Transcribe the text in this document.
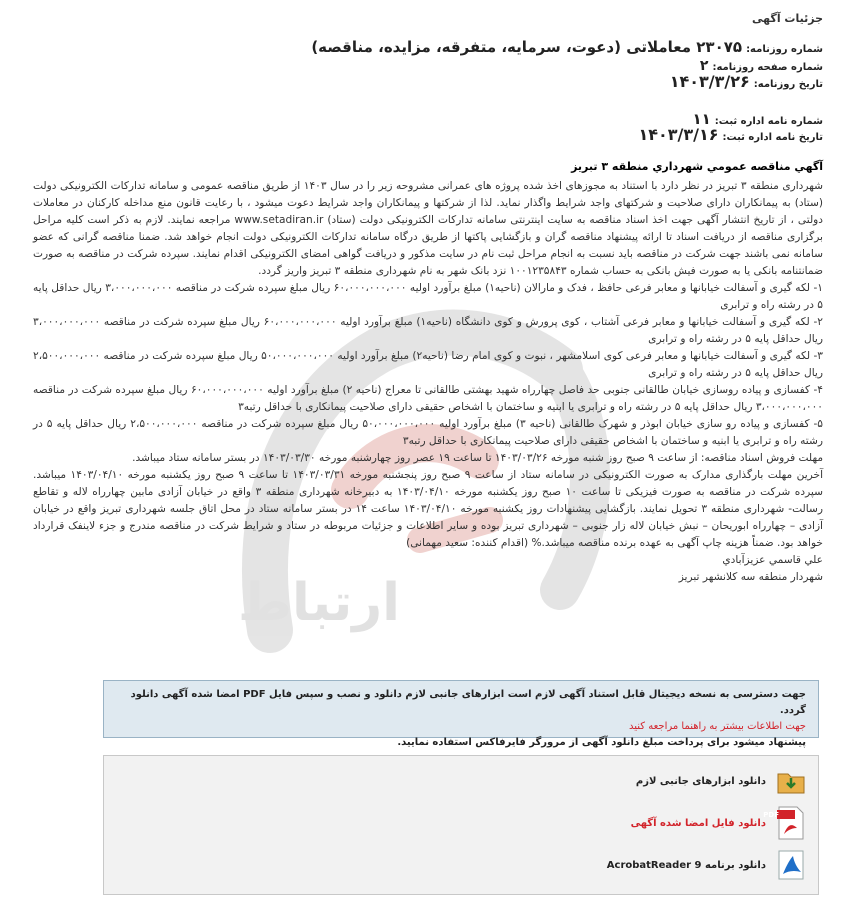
جزئیات آگهی
شماره روزنامه:۲۳۰۷۵ معاملاتی (دعوت، سرمایه، متفرقه، مزایده، مناقصه)
شماره صفحه روزنامه:۲
تاریخ روزنامه:۱۴۰۳/۳/۲۶
شماره نامه اداره ثبت:۱۱
تاریخ نامه اداره ثبت:۱۴۰۳/۳/۱۶
آگهي مناقصه عمومي شهرداري منطقه ۳ تبريز
ارتباط

شهرداری منطقه ۳ تبریز در نظر دارد با استناد به مجوزهای اخذ شده پروژه های عمرانی مشروحه زیر را در سال ۱۴۰۳ از طریق مناقصه عمومی و سامانه تدارکات الکترونیکی دولت (ستاد) به پیمانکاران دارای صلاحیت و شرکتهای واجد شرایط واگذار نماید. لذا از شرکتها و پیمانکاران واجد شرایط دعوت میشود ، با رعایت قانون منع مداخله کارکنان در معاملات دولتی ، از تاریخ انتشار آگهی جهت اخذ اسناد مناقصه به سایت اینترنتی سامانه تدارکات الکترونیکی دولت (ستاد) www.setadiran.ir مراجعه نمایند. لازم به ذکر است کلیه مراحل برگزاری مناقصه از دریافت اسناد تا ارائه پیشنهاد مناقصه گران و بازگشایی پاکتها از طریق درگاه سامانه تدارکات الکترونیکی دولت انجام خواهد شد. ضمنا مناقصه گرانی که عضو سامانه نمی باشند جهت شرکت در مناقصه باید نسبت به انجام مراحل ثبت نام در سایت مذکور و دریافت گواهی امضای الکترونیکی اقدام نمایند. سپرده شرکت در مناقصه به صورت ضمانتنامه بانکی یا به صورت فیش بانکی به حساب شماره ۱۰۰۱۲۳۵۸۴۳ نزد بانک شهر به نام شهرداری منطقه ۳ تبریز واریز گردد.

۱- لکه گیری و آسفالت خیابانها و معابر فرعی حافظ ، فدک و مارالان (ناحیه۱) مبلغ برآورد اولیه ۶۰،۰۰۰،۰۰۰،۰۰۰ ریال مبلغ سپرده شرکت در مناقصه ۳،۰۰۰،۰۰۰،۰۰۰ ریال حداقل پایه ۵ در رشته راه و ترابری

۲- لکه گیری و آسفالت خیابانها و معابر فرعی آشتاب ، کوی پرورش و کوی دانشگاه (ناحیه۱) مبلغ برآورد اولیه ۶۰،۰۰۰،۰۰۰،۰۰۰ ریال مبلغ سپرده شرکت در مناقصه ۳،۰۰۰،۰۰۰،۰۰۰ ریال حداقل پایه ۵ در رشته راه و ترابری

۳- لکه گیری و آسفالت خیابانها و معابر فرعی کوی اسلامشهر ، نبوت و کوی امام رضا (ناحیه۲) مبلغ برآورد اولیه ۵۰،۰۰۰،۰۰۰،۰۰۰ ریال مبلغ سپرده شرکت در مناقصه ۲،۵۰۰،۰۰۰،۰۰۰ ریال حداقل پایه ۵ در رشته راه و ترابری

۴- کفسازی و پیاده روسازی خیابان طالقانی جنوبی حد فاصل چهارراه شهید بهشتی طالقانی تا معراج (ناحیه ۲) مبلغ برآورد اولیه ۶۰،۰۰۰،۰۰۰،۰۰۰ ریال مبلغ سپرده شرکت در مناقصه ۳،۰۰۰،۰۰۰،۰۰۰ ریال حداقل پایه ۵ در رشته راه و ترابری یا ابنیه و ساختمان با اشخاص حقیقی دارای صلاحیت پیمانکاری با حداقل رتبه۳

۵- کفسازی و پیاده رو سازی خیابان ابوذر و شهرک طالقانی (ناحیه ۳) مبلغ برآورد اولیه ۵۰،۰۰۰،۰۰۰،۰۰۰ ریال مبلغ سپرده شرکت در مناقصه ۲،۵۰۰،۰۰۰،۰۰۰ ریال حداقل پایه ۵ در رشته راه و ترابری یا ابنیه و ساختمان با اشخاص حقیقی دارای صلاحیت پیمانکاری با حداقل رتبه۳

مهلت فروش اسناد مناقصه: از ساعت ۹ صبح روز شنبه مورخه ۱۴۰۳/۰۳/۲۶ تا ساعت ۱۹ عصر روز چهارشنبه مورخه ۱۴۰۳/۰۳/۳۰ در بستر سامانه ستاد میباشد.

آخرین مهلت بارگذاری مدارک به صورت الکترونیکی در سامانه ستاد از ساعت ۹ صبح روز پنجشنبه مورخه ۱۴۰۳/۰۳/۳۱ تا ساعت ۹ صبح روز یکشنبه مورخه ۱۴۰۳/۰۴/۱۰ میباشد. سپرده شرکت در مناقصه به صورت فیزیکی تا ساعت ۱۰ صبح روز یکشنبه مورخه ۱۴۰۳/۰۴/۱۰ به دبیرخانه شهرداری منطقه ۳ واقع در خیابان آزادی مابین چهارراه لاله و تقاطع رسالت- شهرداری منطقه ۳ تحویل نمایند. بازگشایی پیشنهادات روز یکشنبه مورخه ۱۴۰۳/۰۴/۱۰ ساعت ۱۴ در بستر سامانه ستاد در محل اتاق جلسه شهرداری تبریز واقع در خیابان آزادی – چهارراه ابوریحان – نبش خیابان لاله زار جنوبی – شهرداری تبریز بوده و سایر اطلاعات و جزئیات مربوطه در ستاد و شرایط شرکت در مناقصه مندرج و جزء لاینفک قرارداد خواهد بود. ضمناً هزینه چاپ آگهی به عهده برنده مناقصه میباشد.% (اقدام کننده: سعید مهمانی)

علي قاسمي عزيزآبادي

شهردار منطقه سه كلانشهر تبريز

جهت دسترسی به نسخه دیجیتال قابل استناد آگهی لازم است ابزارهای جانبی لازم دانلود و نصب و سپس فایل PDF امضا شده آگهی دانلود گردد.
جهت اطلاعات بیشتر به راهنما مراجعه کنید
پیشنهاد میشود برای پرداخت مبلغ دانلود آگهی از مرورگر فایرفاکس استفاده نمایید.
دانلود ابزارهای جانبی لازم
PDF
دانلود فایل امضا شده آگهی
دانلود برنامه AcrobatReader 9
